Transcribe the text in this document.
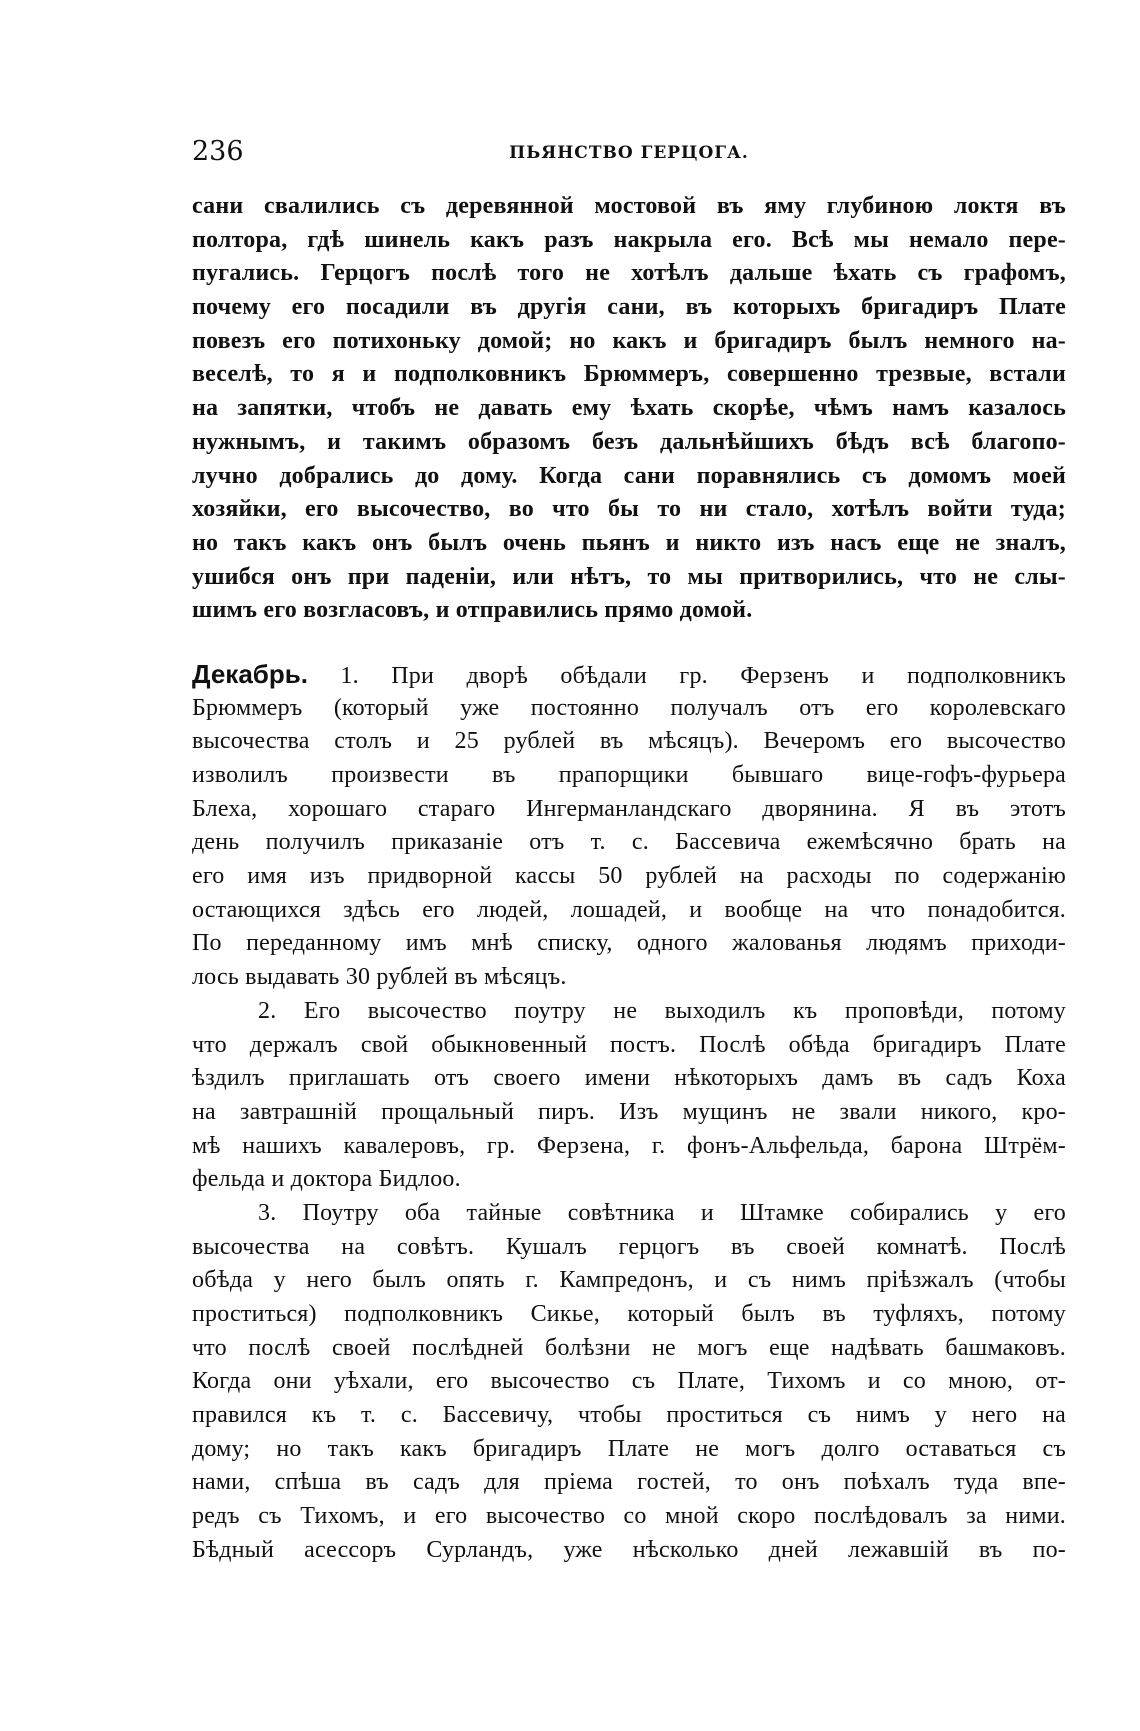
236	ПЬЯНСТВО ГЕРЦОГА.
сани свалились съ деревянной мостовой въ яму глубиною локтя въ
полтора, гдѣ шинель какъ разъ накрыла его. Всѣ мы немало пере-
пугались. Герцогъ послѣ того не хотѣлъ дальше ѣхать съ графомъ,
почему его посадили въ другія сани, въ которыхъ бригадиръ Плате
повезъ его потихоньку домой; но какъ и бригадиръ былъ немного на-
веселѣ, то я и подполковникъ Брюммеръ, совершенно трезвые, встали
на запятки, чтобъ не давать ему ѣхать скорѣе, чѣмъ намъ казалось
нужнымъ, и такимъ образомъ безъ дальнѣйшихъ бѣдъ всѣ благопо-
лучно добрались до дому. Когда сани поравнялись съ домомъ моей
хозяйки, его высочество, во что бы то ни стало, хотѣлъ войти туда;
но такъ какъ онъ былъ очень пьянъ и никто изъ насъ еще не зналъ,
ушибся онъ при паденіи, или нѣтъ, то мы притворились, что не слы-
шимъ его возгласовъ, и отправились прямо домой.
Декабрь. 1. При дворѣ обѣдали гр. Ферзенъ и подполковникъ
Брюммеръ (который уже постоянно получалъ отъ его королевскаго
высочества столъ и 25 рублей въ мѣсяцъ). Вечеромъ его высочество
изволилъ произвести въ прапорщики бывшаго вице-гофъ-фурьера
Блеха, хорошаго стараго Ингерманландскаго дворянина. Я въ этотъ
день получилъ приказаніе отъ т. с. Бассевича ежемѣсячно брать на
его имя изъ придворной кассы 50 рублей на расходы по содержанію
остающихся здѣсь его людей, лошадей, и вообще на что понадобится.
По переданному имъ мнѣ списку, одного жалованья людямъ приходи-
лось выдавать 30 рублей въ мѣсяцъ.
2. Его высочество поутру не выходилъ къ проповѣди, потому
что держалъ свой обыкновенный постъ. Послѣ обѣда бригадиръ Плате
ѣздилъ приглашать отъ своего имени нѣкоторыхъ дамъ въ садъ Коха
на завтрашній прощальный пиръ. Изъ мущинъ не звали никого, кро-
мѣ нашихъ кавалеровъ, гр. Ферзена, г. фонъ-Альфельда, барона Штрём-
фельда и доктора Бидлоо.
3. Поутру оба тайные совѣтника и Штамке собирались у его
высочества на совѣтъ. Кушалъ герцогъ въ своей комнатѣ. Послѣ
обѣда у него былъ опять г. Кампредонъ, и съ нимъ пріѣзжалъ (чтобы
проститься) подполковникъ Сикье, который былъ въ туфляхъ, потому
что послѣ своей послѣдней болѣзни не могъ еще надѣвать башмаковъ.
Когда они уѣхали, его высочество съ Плате, Тихомъ и со мною, от-
правился къ т. с. Бассевичу, чтобы проститься съ нимъ у него на
дому; но такъ какъ бригадиръ Плате не могъ долго оставаться съ
нами, спѣша въ садъ для пріема гостей, то онъ поѣхалъ туда впе-
редъ съ Тихомъ, и его высочество со мной скоро послѣдовалъ за ними.
Бѣдный асессоръ Сурландъ, уже нѣсколько дней лежавшій въ по-
